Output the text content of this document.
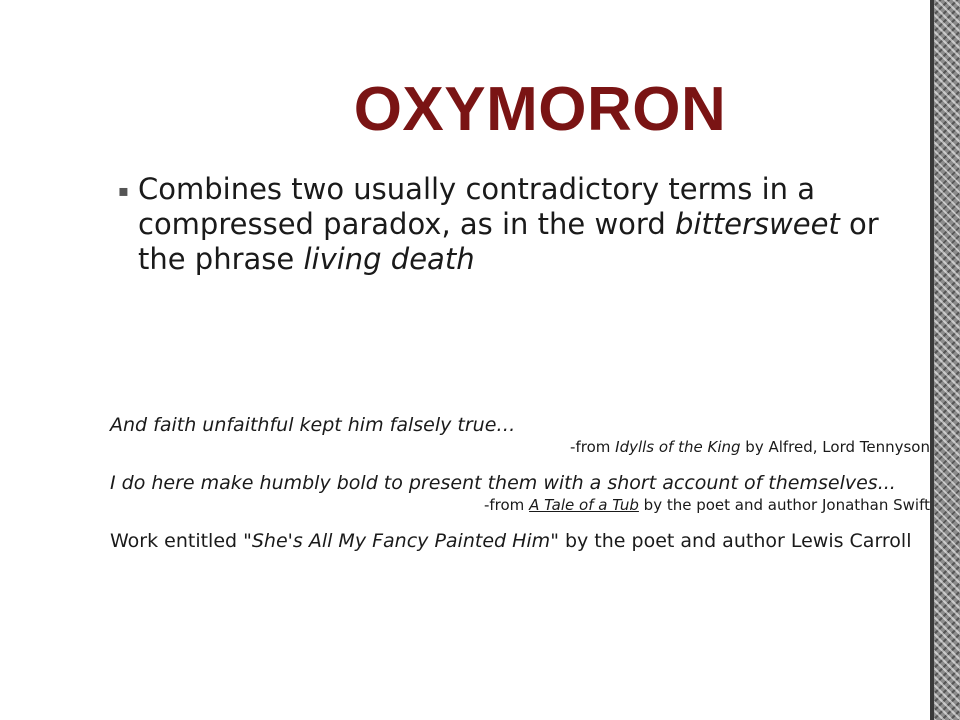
OXYMORON
▪ Combines two usually contradictory terms in a compressed paradox, as in the word bittersweet or the phrase living death

And faith unfaithful kept him falsely true…

-from Idylls of the King by Alfred, Lord Tennyson

I do here make humbly bold to present them with a short account of themselves...

-from A Tale of a Tub by the poet and author Jonathan Swift

Work entitled "She's All My Fancy Painted Him" by the poet and author Lewis Carroll
